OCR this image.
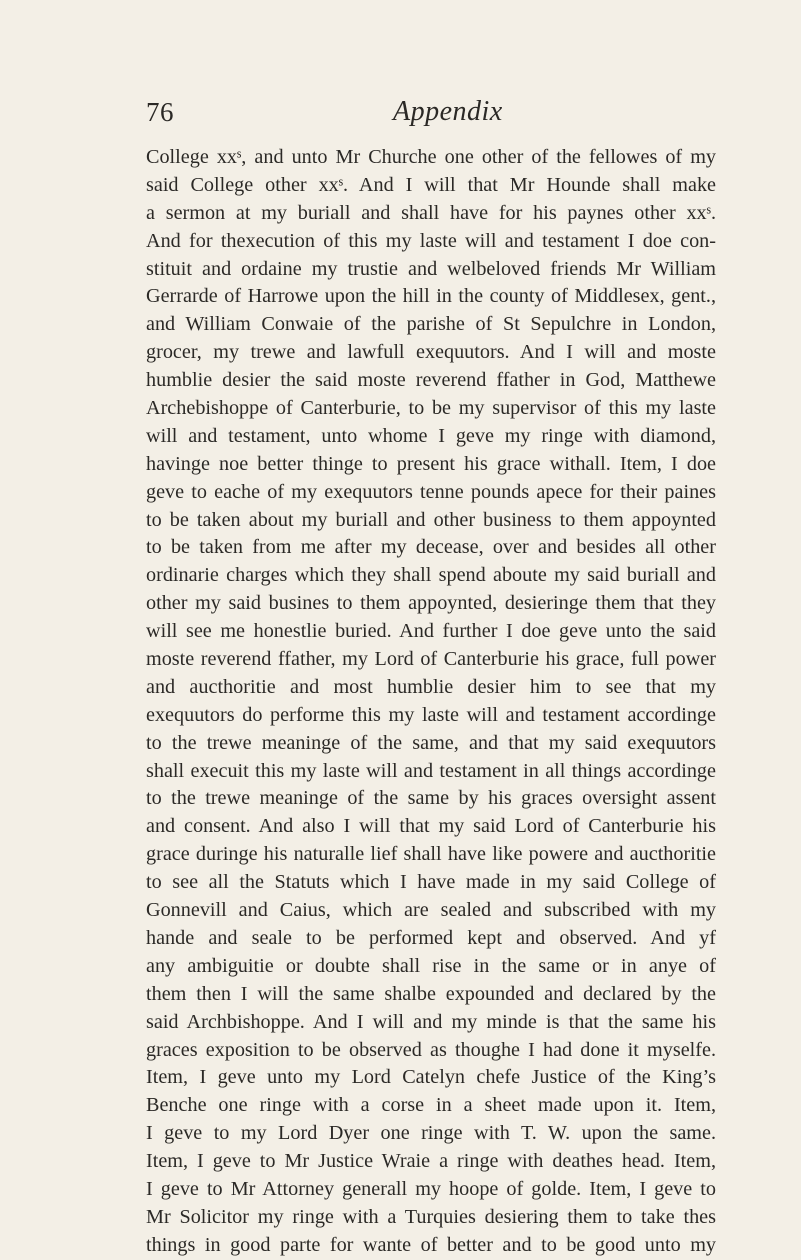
76	Appendix
College xxˢ, and unto Mr Churche one other of the fellowes of my
said College other xxˢ. And I will that Mr Hounde shall make
a sermon at my buriall and shall have for his paynes other xxˢ.
And for thexecution of this my laste will and testament I doe con-
stituit and ordaine my trustie and welbeloved friends Mr William
Gerrarde of Harrowe upon the hill in the county of Middlesex, gent.,
and William Conwaie of the parishe of St Sepulchre in London,
grocer, my trewe and lawfull exequutors. And I will and moste
humblie desier the said moste reverend ffather in God, Matthewe
Archebishoppe of Canterburie, to be my supervisor of this my laste
will and testament, unto whome I geve my ringe with diamond,
havinge noe better thinge to present his grace withall. Item, I doe
geve to eache of my exequutors tenne pounds apece for their paines
to be taken about my buriall and other business to them appoynted
to be taken from me after my decease, over and besides all other
ordinarie charges which they shall spend aboute my said buriall and
other my said busines to them appoynted, desieringe them that they
will see me honestlie buried. And further I doe geve unto the said
moste reverend ffather, my Lord of Canterburie his grace, full power
and aucthoritie and most humblie desier him to see that my
exequutors do performe this my laste will and testament accordinge
to the trewe meaninge of the same, and that my said exequutors
shall execuit this my laste will and testament in all things accordinge
to the trewe meaninge of the same by his graces oversight assent
and consent. And also I will that my said Lord of Canterburie his
grace duringe his naturalle lief shall have like powere and aucthoritie
to see all the Statuts which I have made in my said College of
Gonnevill and Caius, which are sealed and subscribed with my
hande and seale to be performed kept and observed. And yf
any ambiguitie or doubte shall rise in the same or in anye of
them then I will the same shalbe expounded and declared by the
said Archbishoppe. And I will and my minde is that the same his
graces exposition to be observed as thoughe I had done it myselfe.
Item, I geve unto my Lord Catelyn chefe Justice of the King’s
Benche one ringe with a corse in a sheet made upon it. Item,
I geve to my Lord Dyer one ringe with T. W. upon the same.
Item, I geve to Mr Justice Wraie a ringe with deathes head. Item,
I geve to Mr Attorney generall my hoope of golde. Item, I geve to
Mr Solicitor my ringe with a Turquies desiering them to take thes
things in good parte for wante of better and to be good unto my
